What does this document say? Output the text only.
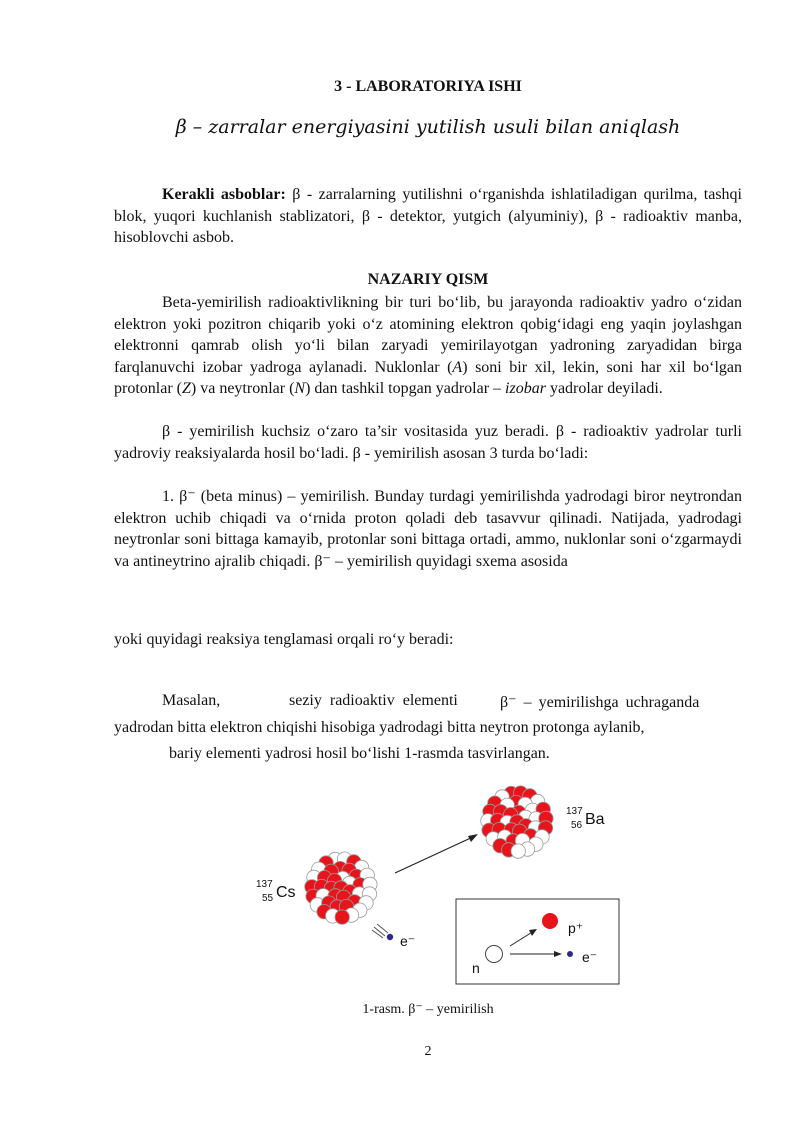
3 - LABORATORIYA ISHI
β – zarralar energiyasini yutilish usuli bilan aniqlash
Kerakli asboblar: β - zarralarning yutilishni o‘rganishda ishlatiladigan qurilma, tashqi blok, yuqori kuchlanish stablizatori, β - detektor, yutgich (alyuminiy), β - radioaktiv manba, hisoblovchi asbob.
NAZARIY QISM
Beta-yemirilish radioaktivlikning bir turi bo‘lib, bu jarayonda radioaktiv yadro o‘zidan elektron yoki pozitron chiqarib yoki o‘z atomining elektron qobig‘idagi eng yaqin joylashgan elektronni qamrab olish yo‘li bilan zaryadi yemirilayotgan yadroning zaryadidan birga farqlanuvchi izobar yadroga aylanadi. Nuklonlar (A) soni bir xil, lekin, soni har xil bo‘lgan protonlar (Z) va neytronlar (N) dan tashkil topgan yadrolar – izobar yadrolar deyiladi.
β - yemirilish kuchsiz o‘zaro ta’sir vositasida yuz beradi. β - radioaktiv yadrolar turli yadroviy reaksiyalarda hosil bo‘ladi. β - yemirilish asosan 3 turda bo‘ladi:
1. β⁻ (beta minus) – yemirilish. Bunday turdagi yemirilishda yadrodagi biror neytrondan elektron uchib chiqadi va o‘rnida proton qoladi deb tasavvur qilinadi. Natijada, yadrodagi neytronlar soni bittaga kamayib, protonlar soni bittaga ortadi, ammo, nuklonlar soni o‘zgarmaydi va antineytrino ajralib chiqadi. β⁻ – yemirilish quyidagi sxema asosida
yoki quyidagi reaksiya tenglamasi orqali ro‘y beradi:
Masalan,	seziy radioaktiv elementi	β⁻ – yemirilishga uchraganda
yadrodan bitta elektron chiqishi hisobiga yadrodagi bitta neytron protonga aylanib,
bariy elementi yadrosi hosil bo‘lishi 1-rasmda tasvirlangan.
e⁻
137
55 Cs
137
56 Ba
n
p⁺
e⁻
1-rasm. β⁻ – yemirilish
2
